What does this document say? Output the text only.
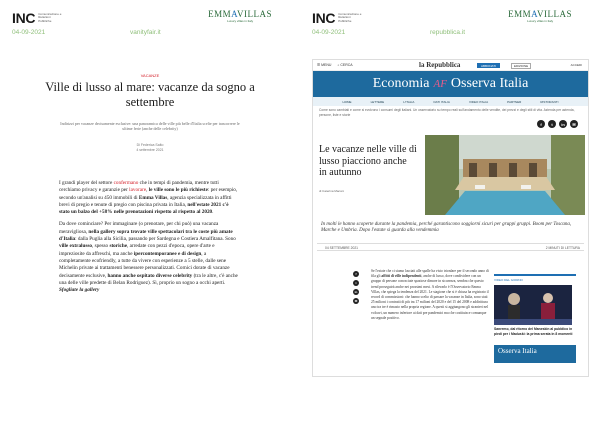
INC Comunicazione e Relazioni Pubbliche
EMMAVILLAS
Luxury villas in Italy
04-09-2021	vanityfair.it
VACANZE
Ville di lusso al mare: vacanze da sogno a settembre
Indirizzi per vacanze decisamente esclusive: una panoramica delle ville più belle d'Italia scelte per trascorrere le ultime ferie (anche delle celebrity)
Di Federica Salto
4 settembre 2021

I grandi player del settore confermano che in tempi di pandemia, mentre tutti cerchiamo privacy e garanzie per lavorare, le ville sono le più richieste: per esempio, secondo un'analisi su 450 immobili di Emma Villas, agenzia specializzata in affitti brevi di pregio e tenute di pregio con piscina privata in Italia, nell'estate 2021 c'è stato un balzo del +58% nelle prenotazioni rispetto al rispetto al 2020.

Da dove cominciare? Per immaginare (o prenotare, per chi può) una vacanza meravigliosa, nella gallery sopra trovate ville spettacolari tra le coste più amate d'Italia: dalla Puglia alla Sicilia, passando per Sardegna e Costiera Amalfitana. Sono ville extralusso, spesso storiche, arredate con pezzi d'epoca, opere d'arte e impreziosite da affreschi, ma anche ipercontemporanee e di design, a completamente ecofriendly, a tutte da vivere con esperienze a 5 stelle, dalle sene Michelin private ai trattamenti benessere personalizzati. Cornici dorate di vacanze decisamente esclusive, hanno anche ospitato diverse celebrity (tra le altre, c'è anche una delle ville predette di Belan Rodriguez). Sì, proprio un sogno a occhi aperti. Sfogliate la gallery

INC Comunicazione e Relazioni Pubbliche
EMMAVILLAS
Luxury villas in Italy
04-09-2021	repubblica.it
☰ MENU ⌕ CERCA	la Repubblica	ABBONATI	EDIZIONE	ACCEDI
Economia AF Osserva Italia
HOME	LETTERE	L'ITALIA	DATI ITALIA	VIDEO ITALIA	PARTNER	RISTORANTI
Come sono cambiati e come si evolvono i consumi degli italiani. Un osservatorio su tempo reali sull'andamento delle vendite, dei prezzi e degli stili di vita. Azienda per azienda, persone, liste e storie
f	t	in	✉
Le vacanze nelle ville di lusso piacciono anche in autunno
di Caterina Maconi
In molti le hanno scoperte durante la pandemia, perché garantiscono soggiorni sicuri per gruppi gruppi. Boom per Toscana, Marche e Umbria. Dopo l'estate si guarda alla vendemmia
04 SETTEMBRE 2021	2 MINUTI DI LETTURA
f
t
in
✉
Se l'estate che ci siamo lasciati alle spalle ha visto trionfare per il secondo anno di fila gli affitti di ville indipendenti, anche di lusso, dove condividere con un gruppo di persone conosciute spaziose dimore in sicurezza, sembra che questo trend proseguirà anche nei prossimi mesi. A rilevarlo è l'Osservatorio Emma Villas, che spiega la tendenza del 2021. Le stagione che si è chiusa ha registrato il record di commissioni: che hanno scelto di passare la vacanze in Italia, sono stati 25 milioni i contratti di più tra 17 milioni del 2020 e del 15 del 2008 e addirittura uno tra tre è rimasto nella propria regione. A questi si aggiungono gli stranieri nel volcavi, un numero inferiore ai dati pre pandemici ma che costituisce comunque un segnale positivo.
VIDEO DEL GIORNO
Sanremo, dal ritorno del Maneskin al pubblico in piedi per i Maduski: la prima serata in 8 momenti
Osserva Italia
